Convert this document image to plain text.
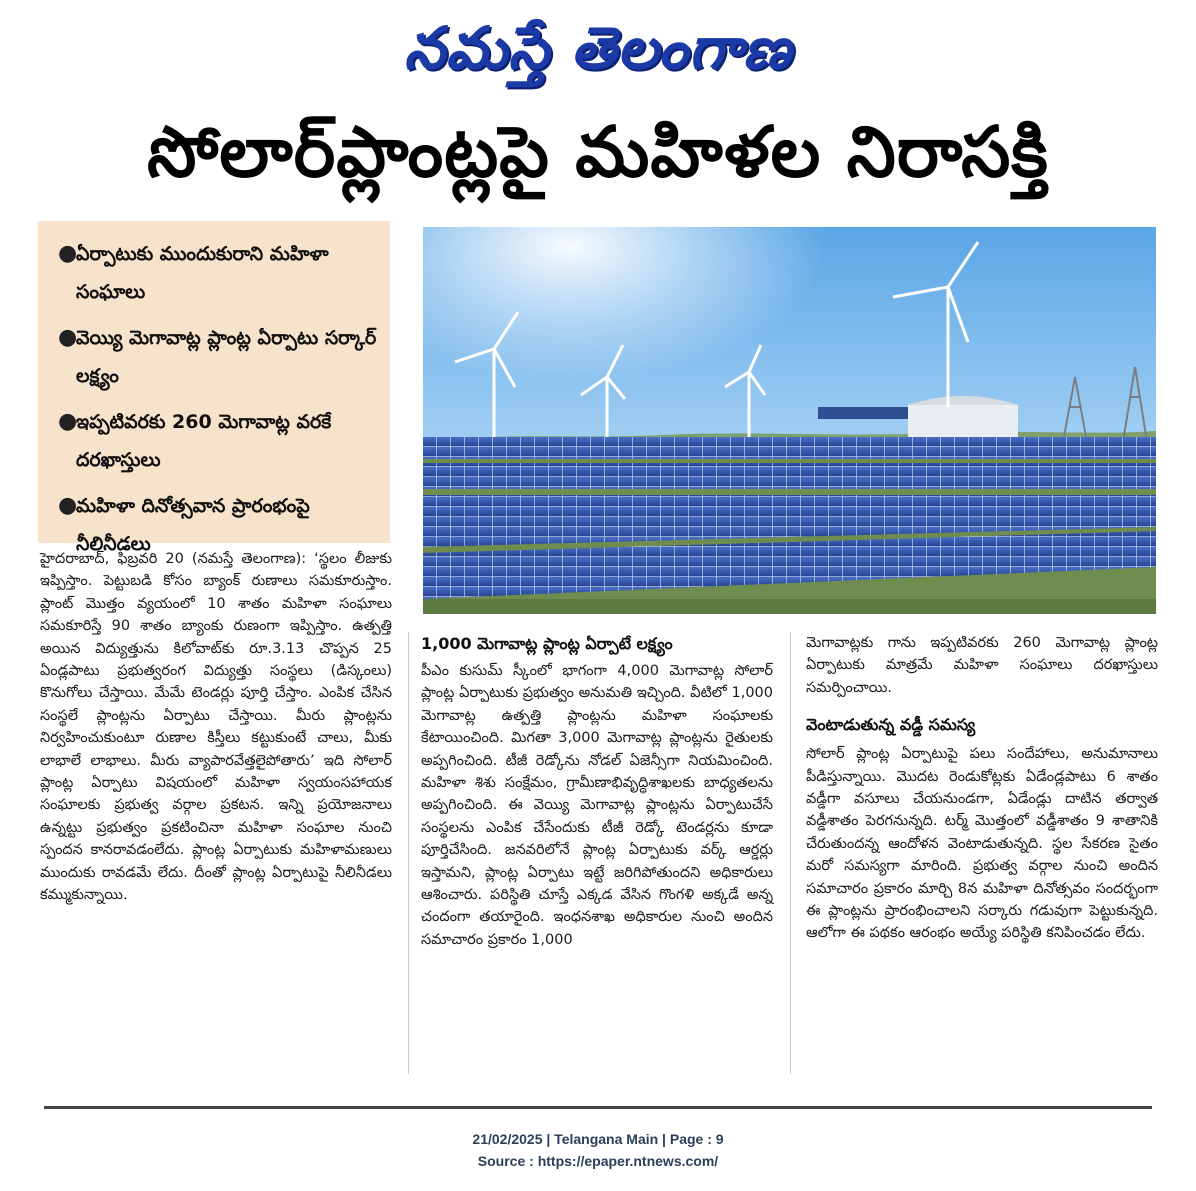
నమస్తే తెలంగాణ
సోలార్‌ప్లాంట్లపై మహిళల నిరాసక్తి
●
ఏర్పాటుకు ముందుకురాని మహిళా సంఘాలు
●
వెయ్యి మెగావాట్ల ప్లాంట్ల ఏర్పాటు సర్కార్‌ లక్ష్యం
●
ఇప్పటివరకు 260 మెగావాట్ల వరకే దరఖాస్తులు
●
మహిళా దినోత్సవాన ప్రారంభంపై నీలినీడలు

హైదరాబాద్‌, ఫిబ్రవరి 20 (నమస్తే తెలంగాణ): ‘స్థలం లీజుకు ఇప్పిస్తాం. పెట్టుబడి కోసం బ్యాంక్‌ రుణాలు సమకూరుస్తాం. ప్లాంట్‌ మొత్తం వ్యయంలో 10 శాతం మహిళా సంఘాలు సమకూరిస్తే 90 శాతం బ్యాంకు రుణంగా ఇప్పిస్తాం. ఉత్పత్తి అయిన విద్యుత్తును కిలోవాట్‌కు రూ.3.13 చొప్పన 25 ఏండ్లపాటు ప్రభుత్వరంగ విద్యుత్తు సంస్థలు (డిస్కంలు) కొనుగోలు చేస్తాయి. మేమే టెండర్లు పూర్తి చేస్తాం. ఎంపిక చేసిన సంస్థలే ప్లాంట్లను ఏర్పాటు చేస్తాయి. మీరు ప్లాంట్లను నిర్వహించుకుంటూ రుణాల కిస్తీలు కట్టుకుంటే చాలు, మీకు లాభాలే లాభాలు. మీరు వ్యాపారవేత్తలైపోతారు’ ఇది సోలార్‌ ప్లాంట్ల ఏర్పాటు విషయంలో మహిళా స్వయంసహాయక సంఘాలకు ప్రభుత్వ వర్గాల ప్రకటన. ఇన్ని ప్రయోజనాలు ఉన్నట్టు ప్రభుత్వం ప్రకటించినా మహిళా సంఘాల నుంచి స్పందన కానరావడంలేదు. ప్లాంట్ల ఏర్పాటుకు మహిళామణులు ముందుకు రావడమే లేదు. దీంతో ప్లాంట్ల ఏర్పాటుపై నీలినీడలు కమ్ముకున్నాయి.

1,000 మెగావాట్ల ప్లాంట్ల ఏర్పాటే లక్ష్యం

పీఎం కుసుమ్‌ స్కీంలో భాగంగా 4,000 మెగావాట్ల సోలార్‌ ప్లాంట్ల ఏర్పాటుకు ప్రభుత్వం అనుమతి ఇచ్చింది. వీటిలో 1,000 మెగావాట్ల ఉత్పత్తి ప్లాంట్లను మహిళా సంఘాలకు కేటాయించింది. మిగతా 3,000 మెగావాట్ల ప్లాంట్లను రైతులకు అప్పగించింది. టీజీ రెడ్కోను నోడల్‌ ఏజెన్సీగా నియమించింది. మహిళా శిశు సంక్షేమం, గ్రామీణాభివృద్ధిశాఖలకు బాధ్యతలను అప్పగించింది. ఈ వెయ్యి మెగావాట్ల ప్లాంట్లను ఏర్పాటుచేసే సంస్థలను ఎంపిక చేసేందుకు టీజీ రెడ్కో టెండర్లను కూడా పూర్తిచేసింది. జనవరిలోనే ప్లాంట్ల ఏర్పాటుకు వర్క్‌ ఆర్డర్లు ఇస్తామని, ప్లాంట్ల ఏర్పాటు ఇట్టే జరిగిపోతుందని అధికారులు ఆశించారు. పరిస్థితి చూస్తే ఎక్కడ వేసిన గొంగళి అక్కడే అన్న చందంగా తయారైంది. ఇంధనశాఖ అధికారుల నుంచి అందిన సమాచారం ప్రకారం 1,000

మెగావాట్లకు గాను ఇప్పటివరకు 260 మెగావాట్ల ప్లాంట్ల ఏర్పాటుకు మాత్రమే మహిళా సంఘాలు దరఖాస్తులు సమర్పించాయి.

వెంటాడుతున్న వడ్డీ సమస్య

సోలార్‌ ప్లాంట్ల ఏర్పాటుపై పలు సందేహాలు, అనుమానాలు పీడిస్తున్నాయి. మొదట రెండుకోట్లకు ఏడేండ్లపాటు 6 శాతం వడ్డీగా వసూలు చేయనుండగా, ఏడేండ్లు దాటిన తర్వాత వడ్డీశాతం పెరగనున్నది. టర్మ్‌ మొత్తంలో వడ్డీశాతం 9 శాతానికి చేరుతుందన్న ఆందోళన వెంటాడుతున్నది. స్థల సేకరణ సైతం మరో సమస్యగా మారింది. ప్రభుత్వ వర్గాల నుంచి అందిన సమాచారం ప్రకారం మార్చి 8న మహిళా దినోత్సవం సందర్భంగా ఈ ప్లాంట్లను ప్రారంభించాలని సర్కారు గడువుగా పెట్టుకున్నది. ఆలోగా ఈ పథకం ఆరంభం అయ్యే పరిస్థితి కనిపించడం లేదు.

21/02/2025 | Telangana Main | Page : 9
Source : https://epaper.ntnews.com/
